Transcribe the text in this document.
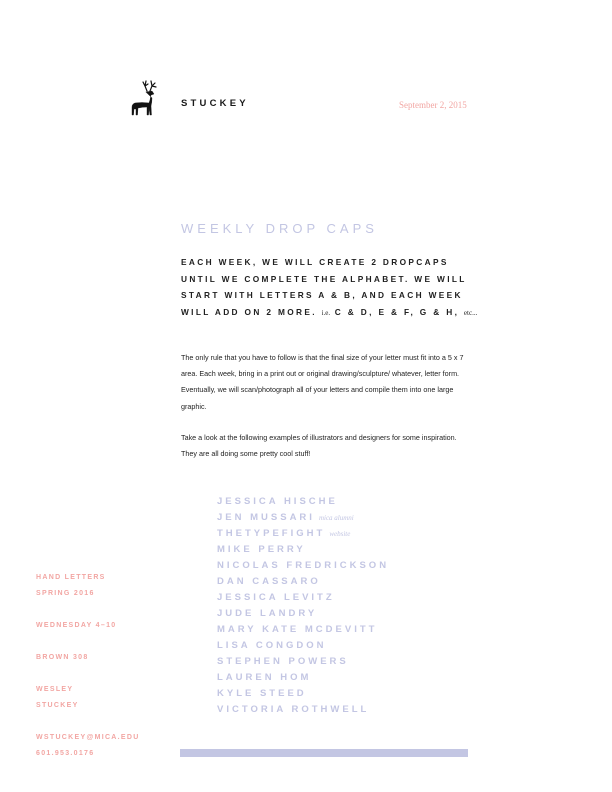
STUCKEY	September 2, 2015
WEEKLY DROP CAPS
EACH WEEK, WE WILL CREATE 2 DROPCAPS UNTIL WE COMPLETE THE ALPHABET. WE WILL START WITH LETTERS A & B, AND EACH WEEK WILL ADD ON 2 MORE. i.e. C & D, E & F, G & H, etc...
The only rule that you have to follow is that the final size of your letter must fit into a 5 x 7 area. Each week, bring in a print out or original drawing/sculpture/ whatever, letter form. Eventually, we will scan/photograph all of your letters and compile them into one large graphic.
Take a look at the following examples of illustrators and designers for some inspiration. They are all doing some pretty cool stuff!
JESSICA HISCHE
JEN MUSSARI mica alumni
THETYPEFIGHT website
MIKE PERRY
NICOLAS FREDRICKSON
DAN CASSARO
JESSICA LEVITZ
JUDE LANDRY
MARY KATE MCDEVITT
LISA CONGDON
STEPHEN POWERS
LAUREN HOM
KYLE STEED
VICTORIA ROTHWELL
HAND LETTERS
SPRING 2016
WEDNESDAY 4–10
BROWN 308
WESLEY
STUCKEY
WSTUCKEY@MICA.EDU
601.953.0176
